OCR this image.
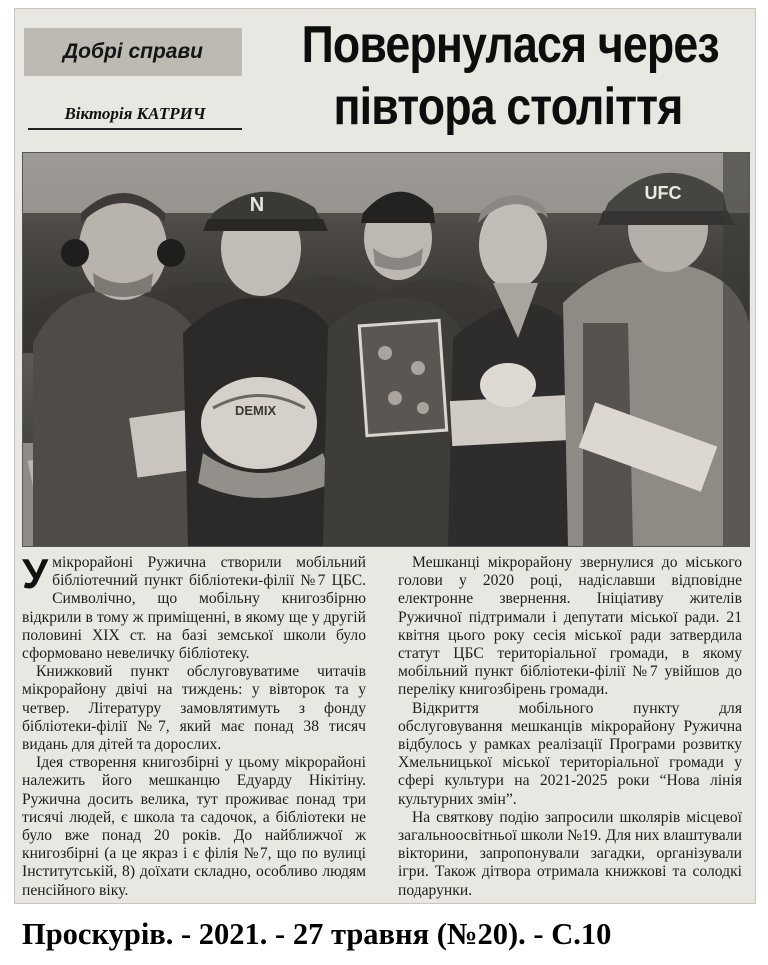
Добрі справи
Вікторія КАТРИЧ
Повернулася через
півтора століття
N
DEMIX
UFC

У мікрорайоні Ружична створили мобільний бібліотечний пункт бібліотеки-філії №7 ЦБС. Символічно, що мобільну книгозбірню відкрили в тому ж приміщенні, в якому ще у другій половині ХІХ ст. на базі земської школи було сформовано невеличку бібліотеку.

Книжковий пункт обслуговуватиме читачів мікрорайону двічі на тиждень: у вівторок та у четвер. Літературу замовлятимуть з фонду бібліотеки-філії №7, який має понад 38 тисяч видань для дітей та дорослих.

Ідея створення книгозбірні у цьому мікрорайоні належить його мешканцю Едуарду Нікітіну. Ружична досить велика, тут проживає понад три тисячі людей, є школа та садочок, а бібліотеки не було вже понад 20 років. До найближчої ж книгозбірні (а це якраз і є філія №7, що по вулиці Інститутській, 8) дoїхати складно, особливо людям пенсійного віку.

Мешканці мікрорайону звернулися до міського голови у 2020 році, надіславши відповідне електронне звернення. Ініціативу жителів Ружичної підтримали і депутати міської ради. 21 квітня цього року сесія міської ради затвердила статут ЦБС територіальної громади, в якому мобільний пункт бібліотеки-філії №7 увійшов до переліку книгозбірень громади.

Відкриття мобільного пункту для обслуговування мешканців мікрорайону Ружична відбулось у рамках реалізації Програми розвитку Хмельницької міської територіальної громади у сфері культури на 2021-2025 роки “Нова лінія культурних змін”.

На святкову подію запросили школярів місцевої загальноосвітньої школи №19. Для них влаштували вікторини, запропонували загадки, організували ігри. Також дітвора отримала книжкові та солодкі подарунки.

Проскурів. - 2021. - 27 травня (№20). - С.10
